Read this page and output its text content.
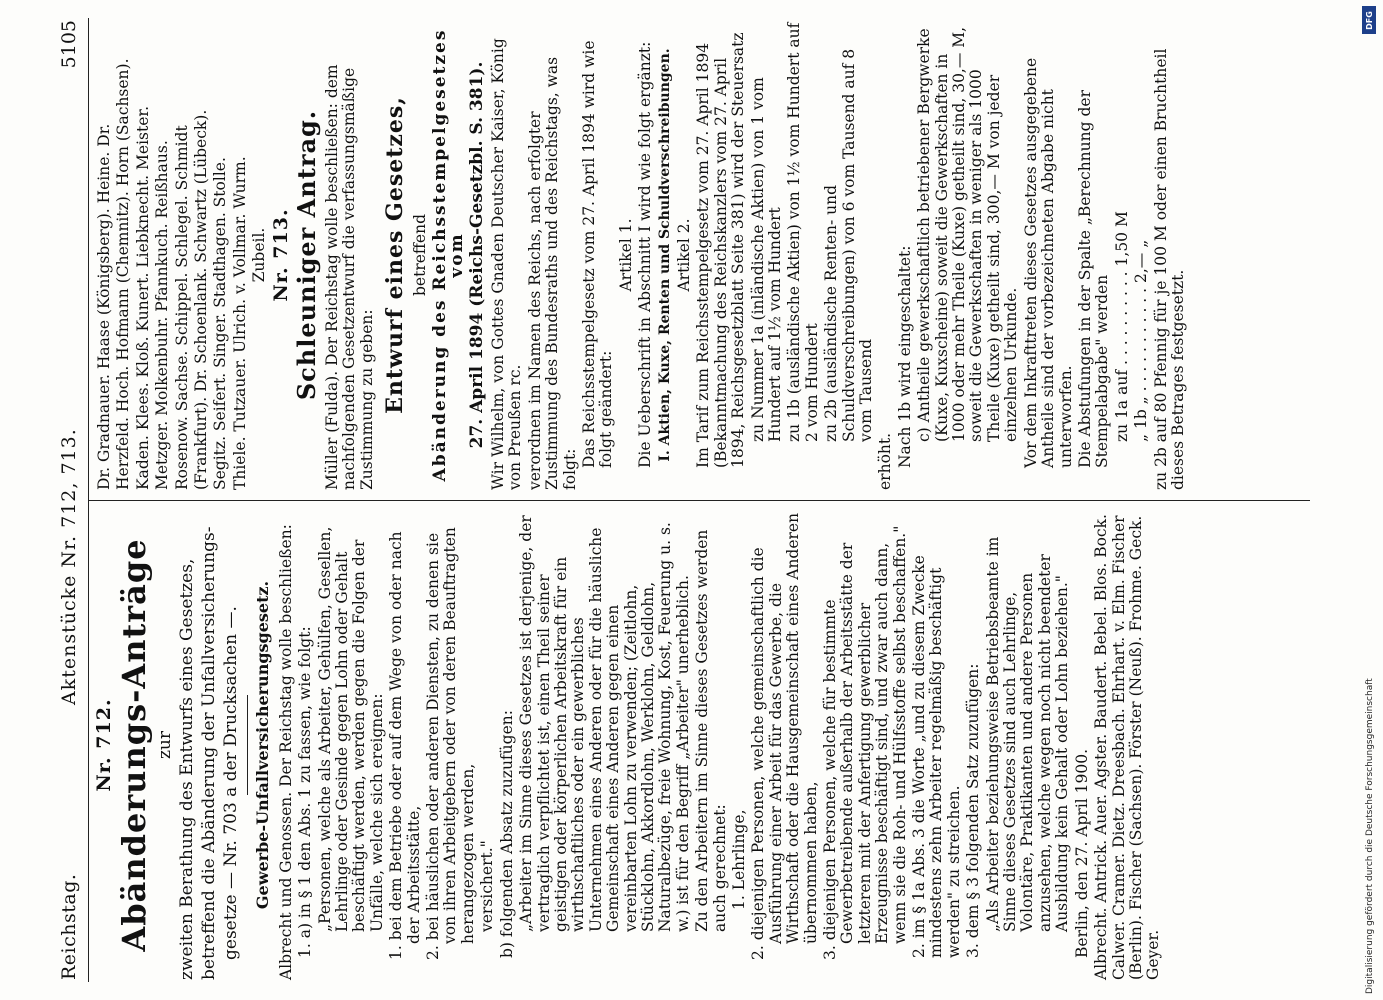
Reichstag.
Aktenstücke Nr. 712, 713.
5105

Nr. 712. Abänderungs-Anträge zur zweiten Berathung des Entwurfs eines Gesetzes, betreffend die Abänderung der Unfallversicherungs- gesetze — Nr. 703 a der Drucksachen —. Gewerbe-Unfallversicherungsgesetz. Albrecht und Genossen. Der Reichstag wolle beschließen: 1. a) in § 1 den Abs. 1 zu fassen, wie folgt: „Personen, welche als Arbeiter, Gehülfen, Gesellen, Lehrlinge oder Gesinde gegen Lohn oder Gehalt beschäftigt werden, werden gegen die Folgen der Unfälle, welche sich ereignen: 1. bei dem Betriebe oder auf dem Wege von oder nach der Arbeitsstätte, 2. bei häuslichen oder anderen Diensten, zu denen sie von ihren Arbeitgebern oder von deren Beauftragten herangezogen werden, versichert." b) folgenden Absatz zuzufügen: „Arbeiter im Sinne dieses Gesetzes ist derjenige, der vertraglich verpflichtet ist, einen Theil seiner geistigen oder körperlichen Arbeitskraft für ein wirthschaftliches oder ein gewerbliches Unternehmen eines Anderen oder für die häusliche Gemeinschaft eines Anderen gegen einen vereinbarten Lohn zu verwenden; (Zeitlohn, Stücklohn, Akkordlohn, Werklohn, Geldlohn, Naturalbezüge, freie Wohnung, Kost, Feuerung u. s. w.) ist für den Begriff „Arbeiter" unerheblich. Zu den Arbeitern im Sinne dieses Gesetzes werden auch gerechnet: 1. Lehrlinge, 2. diejenigen Personen, welche gemeinschaftlich die Ausführung einer Arbeit für das Gewerbe, die Wirthschaft oder die Hausgemeinschaft eines Anderen übernommen haben, 3. diejenigen Personen, welche für bestimmte Gewerbetreibende außerhalb der Arbeitsstätte der letzteren mit der Anfertigung gewerblicher Erzeugnisse beschäftigt sind, und zwar auch dann, wenn sie die Roh- und Hülfsstoffe selbst beschaffen." 2. im § 1a Abs. 3 die Worte „und zu diesem Zwecke mindestens zehn Arbeiter regelmäßig beschäftigt werden" zu streichen. 3. dem § 3 folgenden Satz zuzufügen: „Als Arbeiter beziehungsweise Betriebsbeamte im Sinne dieses Gesetzes sind auch Lehrlinge, Volontäre, Praktikanten und andere Personen anzusehen, welche wegen noch nicht beendeter Ausbildung kein Gehalt oder Lohn beziehen." Berlin, den 27. April 1900. Albrecht. Antrick. Auer. Agster. Baudert. Bebel. Blos. Bock. Calwer. Cramer. Dietz. Dreesbach. Ehrhart. v. Elm. Fischer (Berlin). Fischer (Sachsen). Förster (Neuß). Frohme. Geck. Geyer.

Dr. Gradnauer. Haase (Königsberg). Heine. Dr. Herzfeld. Hoch. Hofmann (Chemnitz). Horn (Sachsen). Kaden. Klees. Kloß. Kunert. Liebknecht. Meister. Metzger. Molkenbuhr. Pfannkuch. Reißhaus. Rosenow. Sachse. Schippel. Schlegel. Schmidt (Frankfurt). Dr. Schoenlank. Schwartz (Lübeck). Segitz. Seifert. Singer. Stadthagen. Stolle. Thiele. Tutzauer. Ulrich. v. Vollmar. Wurm. Zubeil. Nr. 713. Schleuniger Antrag. Müller (Fulda). Der Reichstag wolle beschließen: dem nachfolgenden Gesetzentwurf die verfassungsmäßige Zustimmung zu geben: Entwurf eines Gesetzes, betreffend Abänderung des Reichsstempelgesetzes vom 27. April 1894 (Reichs-Gesetzbl. S. 381). Wir Wilhelm, von Gottes Gnaden Deutscher Kaiser, König von Preußen rc. verordnen im Namen des Reichs, nach erfolgter Zustimmung des Bundesraths und des Reichstags, was folgt:

Das Reichsstempelgesetz vom 27. April 1894 wird wie folgt geändert:

Artikel 1. Die Ueberschrift in Abschnitt I wird wie folgt ergänzt: I. Aktien, Kuxe, Renten und Schuldverschreibungen. Artikel 2. Im Tarif zum Reichsstempelgesetz vom 27. April 1894 (Bekanntmachung des Reichskanzlers vom 27. April 1894, Reichsgesetzblatt Seite 381) wird der Steuersatz zu Nummer 1a (inländische Aktien) von 1 vom Hundert auf 1½ vom Hundert zu 1b (ausländische Aktien) von 1½ vom Hundert auf 2 vom Hundert zu 2b (ausländische Renten- und Schuldverschreibungen) von 6 vom Tausend auf 8 vom Tausend

erhöht. Nach 1b wird eingeschaltet: c) Antheile gewerkschaftlich betriebener Bergwerke (Kuxe, Kuxscheine) soweit die Gewerkschaften in 1000 oder mehr Theile (Kuxe) getheilt sind, 30,— M, soweit die Gewerkschaften in weniger als 1000 Theile (Kuxe) getheilt sind, 300,— M von jeder einzelnen Urkunde. Vor dem Inkrafttreten dieses Gesetzes ausgegebene Antheile sind der vorbezeichneten Abgabe nicht unterworfen. Die Abstufungen in der Spalte „Berechnung der Stempelabgabe" werden zu 1a auf . . . . . . . . . . 1,50 M „ 1b „ . . . . . . . . . . . 2,— „ zu 2b auf 80 Pfennig für je 100 M oder einen Bruchtheil dieses Betrages festgesetzt.

Digitalisierung gefördert durch die Deutsche Forschungsgemeinschaft
DFG
